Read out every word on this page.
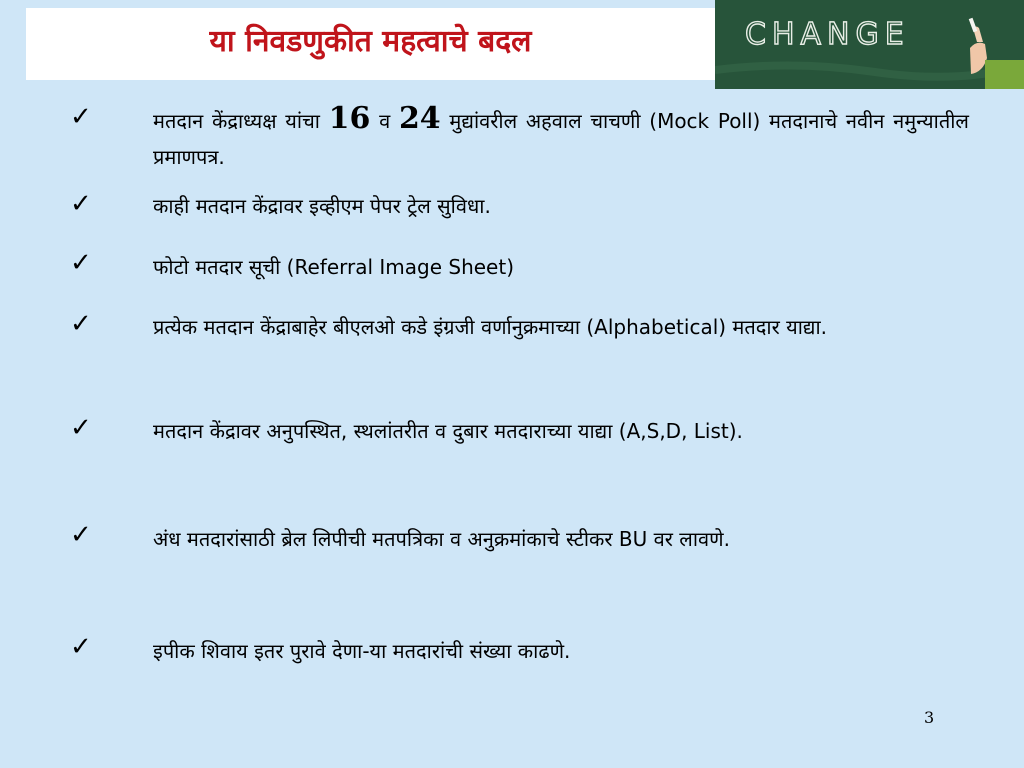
या निवडणुकीत महत्वाचे बदल	CHANGE
✓	मतदान केंद्राध्यक्ष यांचा 16 व 24 मुद्यांवरील अहवाल चाचणी (Mock Poll) मतदानाचे नवीन नमुन्यातील प्रमाणपत्र.
✓	काही मतदान केंद्रावर इव्हीएम पेपर ट्रेल सुविधा.
✓	फोटो मतदार सूची (Referral Image Sheet)
✓	प्रत्येक मतदान केंद्राबाहेर बीएलओ कडे इंग्रजी वर्णानुक्रमाच्या (Alphabetical) मतदार याद्या.
✓	मतदान केंद्रावर अनुपस्थित, स्थलांतरीत व दुबार मतदाराच्या याद्या (A,S,D, List).
✓	अंध मतदारांसाठी ब्रेल लिपीची मतपत्रिका व अनुक्रमांकाचे स्टीकर BU वर लावणे.
✓	इपीक शिवाय इतर पुरावे देणा-या मतदारांची संख्या काढणे.
3
